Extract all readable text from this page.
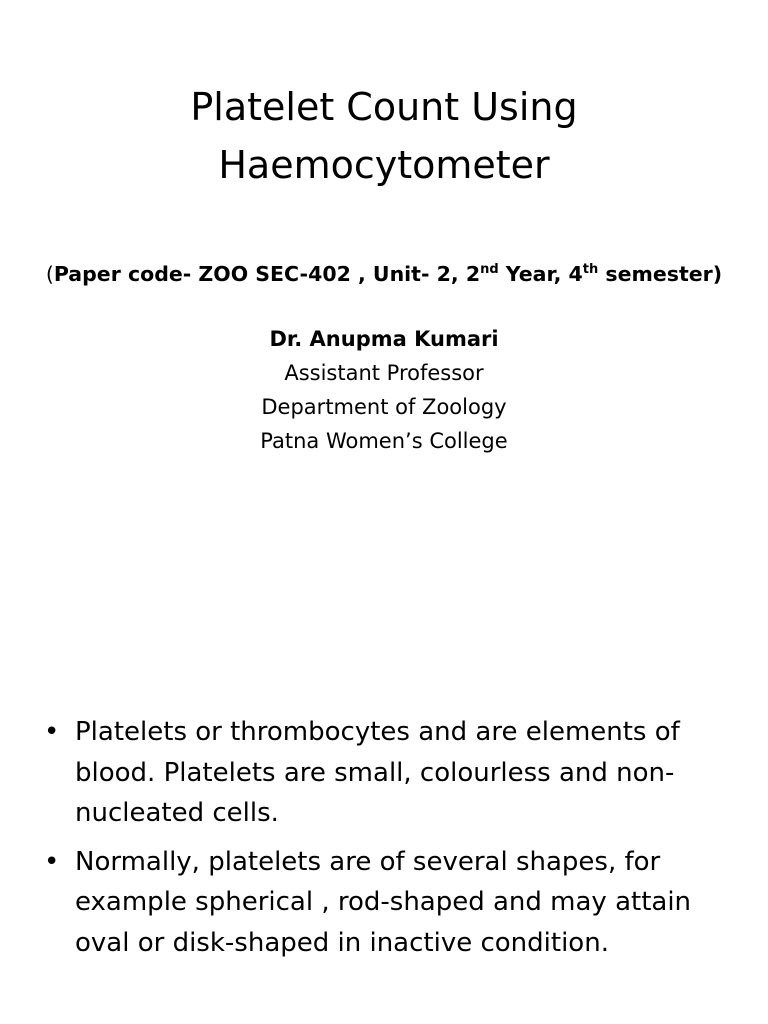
Platelet Count Using
Haemocytometer
(Paper code- ZOO SEC-402 , Unit- 2, 2nd Year, 4th semester)
Dr. Anupma Kumari
Assistant Professor
Department of Zoology
Patna Women’s College
• Platelets or thrombocytes and are elements of blood. Platelets are small, colourless and non-nucleated cells.
• Normally, platelets are of several shapes, for example spherical , rod-shaped and may attain oval or disk-shaped in inactive condition.
